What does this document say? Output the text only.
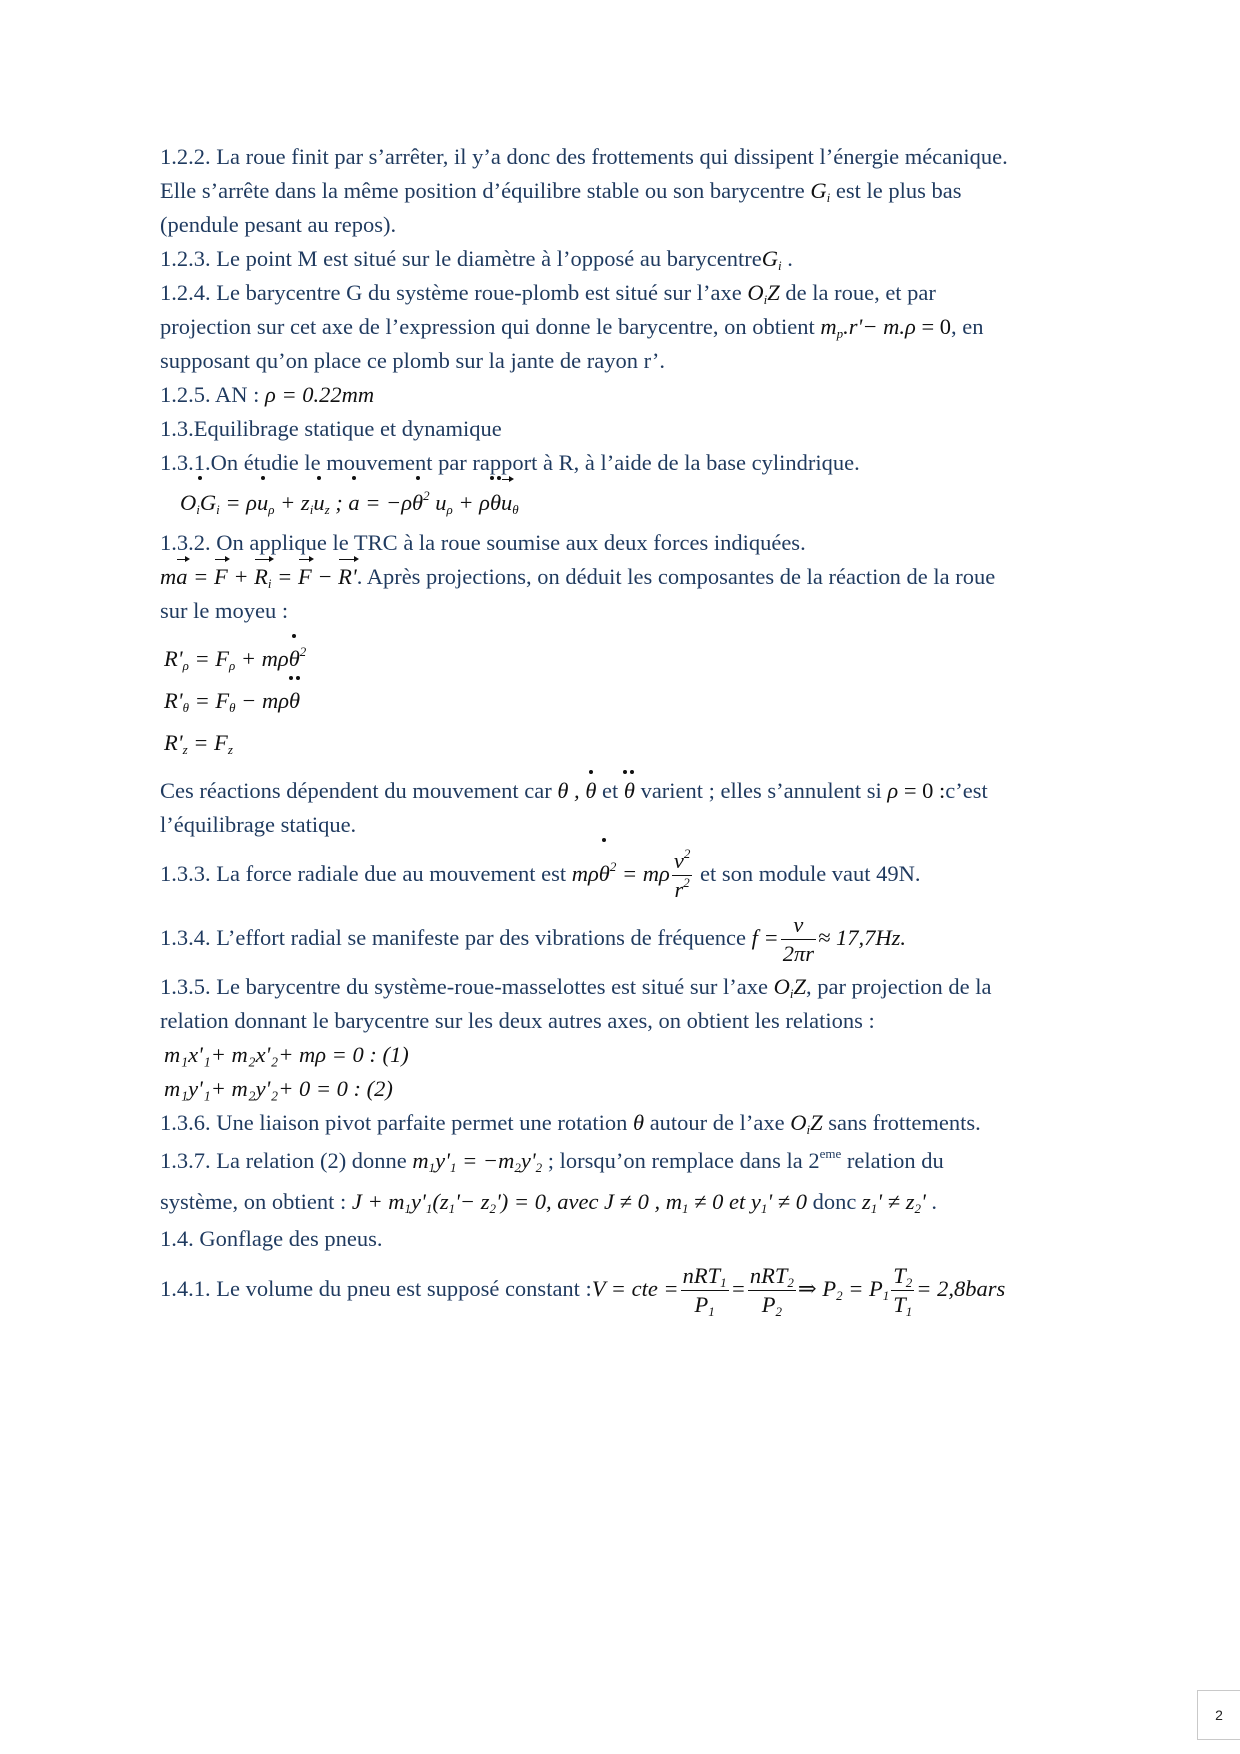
1.2.2. La roue finit par s’arrêter, il y’a donc des frottements qui dissipent l’énergie mécanique.

Elle s’arrête dans la même position d’équilibre stable ou son barycentre $G_i$ est le plus bas

(pendule pesant au repos).

1.2.3. Le point M est situé sur le diamètre à l’opposé au barycentreG$_i$ .

1.2.4. Le barycentre G du système roue-plomb est situé sur l’axe $O_iZ$ de la roue, et par

projection sur cet axe de l’expression qui donne le barycentre, on obtient $m_p.r'- m.\rho = 0$, en

supposant qu’on place ce plomb sur la jante de rayon r’.

1.2.5. AN : ρ = 0.22mm

1.3.Equilibrage statique et dynamique

1.3.1.On étudie le mouvement par rapport à R, à l’aide de la base cylindrique.

$O_iG_i = \rho u_\rho + z_iu_z$ ; $a = -\rho\theta^2$ $u_\rho + \rho\theta u_\theta$

1.3.2. On applique le TRC à la roue soumise aux deux forces indiquées.

ma = $F + R_i = F - R'$. Après projections, on déduit les composantes de la réaction de la roue

sur le moyeu :

$R'_\rho = F_\rho + m\rho\theta^2$
$R'_\theta = F_\theta - m\rho\theta$
$R'_z = F_z$

Ces réactions dépendent du mouvement car θ , θ et θ varient ; elles s’annulent si ρ = 0 :c’est

l’équilibrage statique.

1.3.3. La force radiale due au mouvement est mρθ$^2$ = mρ $\frac{v^2}{r^2}$ et son module vaut 49N.

1.3.4. L’effort radial se manifeste par des vibrations de fréquence $f = \frac{v}{2\pi r} \approx 17,7Hz$.

1.3.5. Le barycentre du système-roue-masselottes est situé sur l’axe $O_iZ$, par projection de la

relation donnant le barycentre sur les deux autres axes, on obtient les relations :

m₁x'₁+ m₂x'₂+ mρ = 0 : (1)

m₁y'₁+ m₂y'₂+ 0 = 0 : (2)

1.3.6. Une liaison pivot parfaite permet une rotation θ autour de l’axe $O_iZ$ sans frottements.

1.3.7. La relation (2) donne $m_1y'_1 = -m_2y'_2$ ; lorsqu’on remplace dans la 2eme relation du

système, on obtient : $J + m_1y'_1(z_1'- z_2') = 0$, avec J ≠ 0 , $m_1 \ne 0$ et $y_1' \ne 0$ donc $z_1' \ne z_2'$ .

1.4. Gonflage des pneus.

1.4.1. Le volume du pneu est supposé constant :V = cte = $\frac{nRT_1}{P_1} = \frac{nRT_2}{P_2}$ ⇒ $P_2 = P_1 \frac{T_2}{T_1}$ = 2,8bars

2
